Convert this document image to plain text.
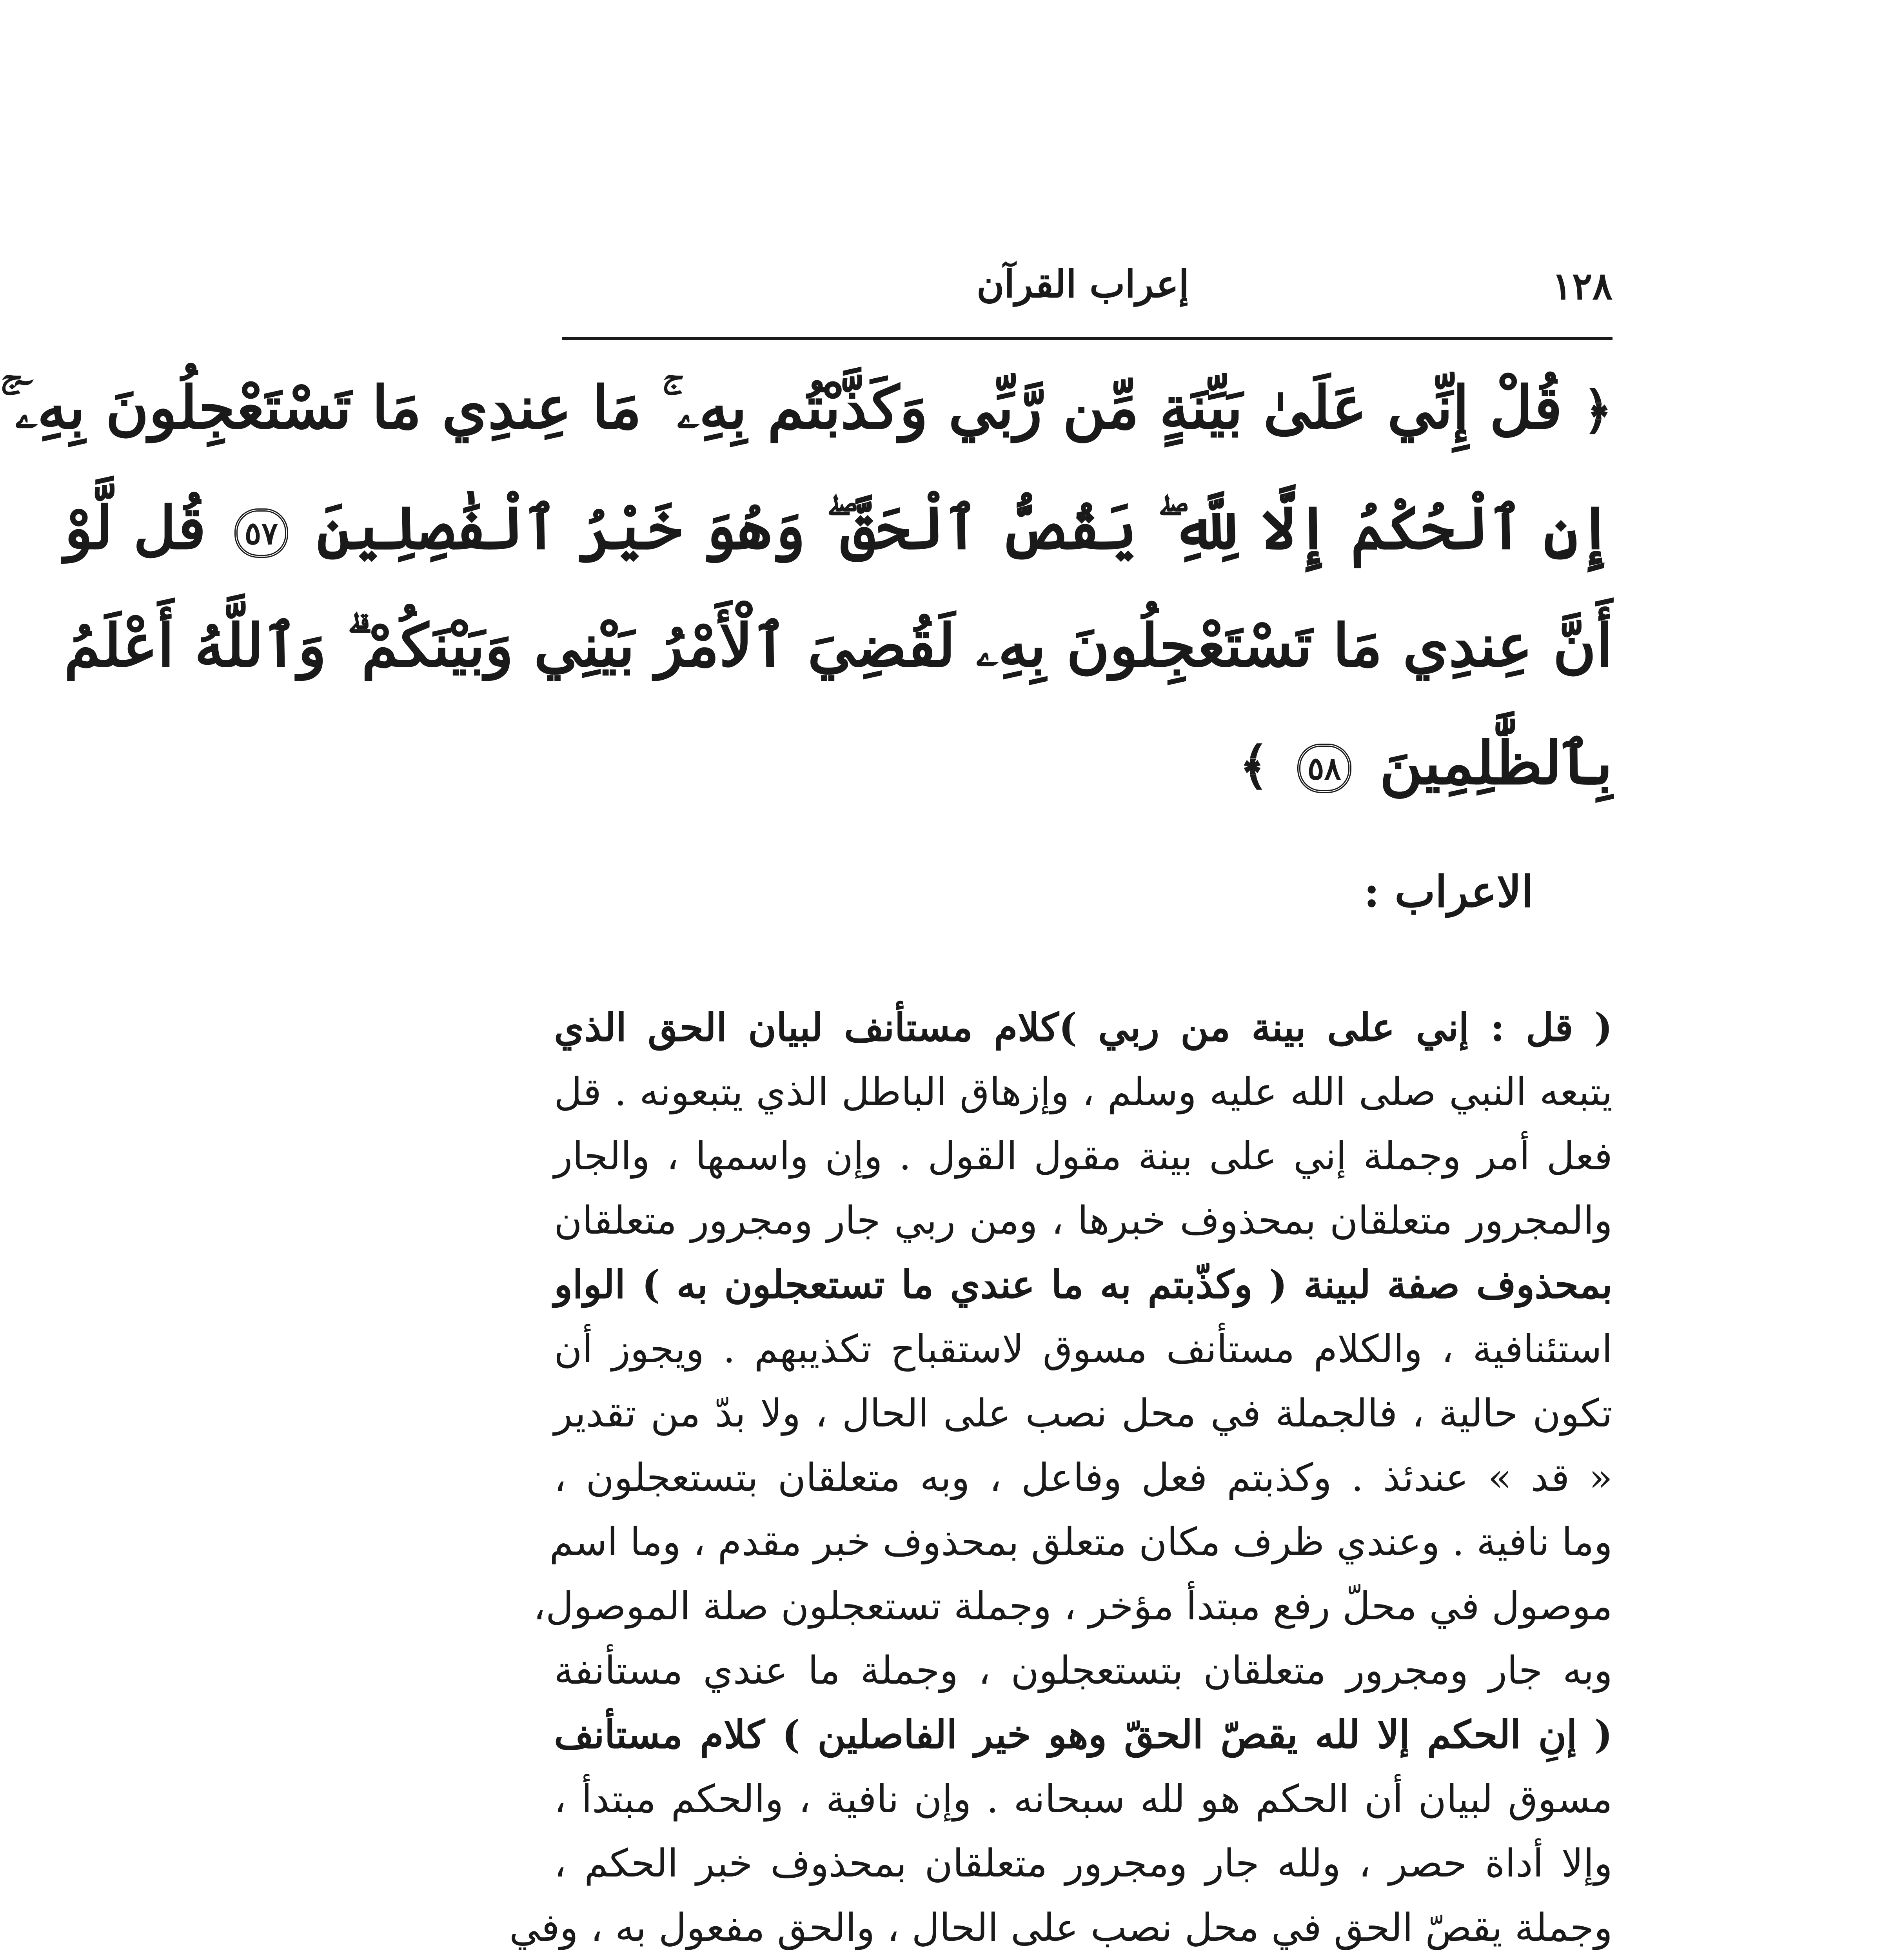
١٢٨
إعراب القرآن
﴿ قُلْ إِنِّي عَلَىٰ بَيِّنَةٍ مِّن رَّبِّي وَكَذَّبْتُم بِهِۦ ۚ مَا عِندِي مَا تَسْتَعْجِلُونَ بِهِۦٓ ۚ
إِنِ ٱلْحُكْمُ إِلَّا لِلَّهِ ۖ يَقُصُّ ٱلْحَقَّ ۖ وَهُوَ خَيْرُ ٱلْفَٰصِلِينَ ٥٧ قُل لَّوْ
أَنَّ عِندِي مَا تَسْتَعْجِلُونَ بِهِۦ لَقُضِيَ ٱلْأَمْرُ بَيْنِي وَبَيْنَكُمْ ۗ وَٱللَّهُ أَعْلَمُ
بِٱلظَّٰلِمِينَ ٥٨ ﴾
الاعراب :
( قل : إني على بينة من ربي )كلام مستأنف لبيان الحق الذي
يتبعه النبي صلى الله عليه وسلم ، وإزهاق الباطل الذي يتبعونه . قل
فعل أمر وجملة إني على بينة مقول القول . وإن واسمها ، والجار
والمجرور متعلقان بمحذوف خبرها ، ومن ربي جار ومجرور متعلقان
بمحذوف صفة لبينة ( وكذّبتم به ما عندي ما تستعجلون به ) الواو
استئنافية ، والكلام مستأنف مسوق لاستقباح تكذيبهم . ويجوز أن
تكون حالية ، فالجملة في محل نصب على الحال ، ولا بدّ من تقدير
« قد » عندئذ . وكذبتم فعل وفاعل ، وبه متعلقان بتستعجلون ،
وما نافية . وعندي ظرف مكان متعلق بمحذوف خبر مقدم ، وما اسم
موصول في محلّ رفع مبتدأ مؤخر ، وجملة تستعجلون صلة الموصول،
وبه جار ومجرور متعلقان بتستعجلون ، وجملة ما عندي مستأنفة
( إنِ الحكم إلا لله يقصّ الحقّ وهو خير الفاصلين ) كلام مستأنف
مسوق لبيان أن الحكم هو لله سبحانه . وإن نافية ، والحكم مبتدأ ،
وإلا أداة حصر ، ولله جار ومجرور متعلقان بمحذوف خبر الحكم ،
وجملة يقصّ الحق في محل نصب على الحال ، والحق مفعول به ، وفي
